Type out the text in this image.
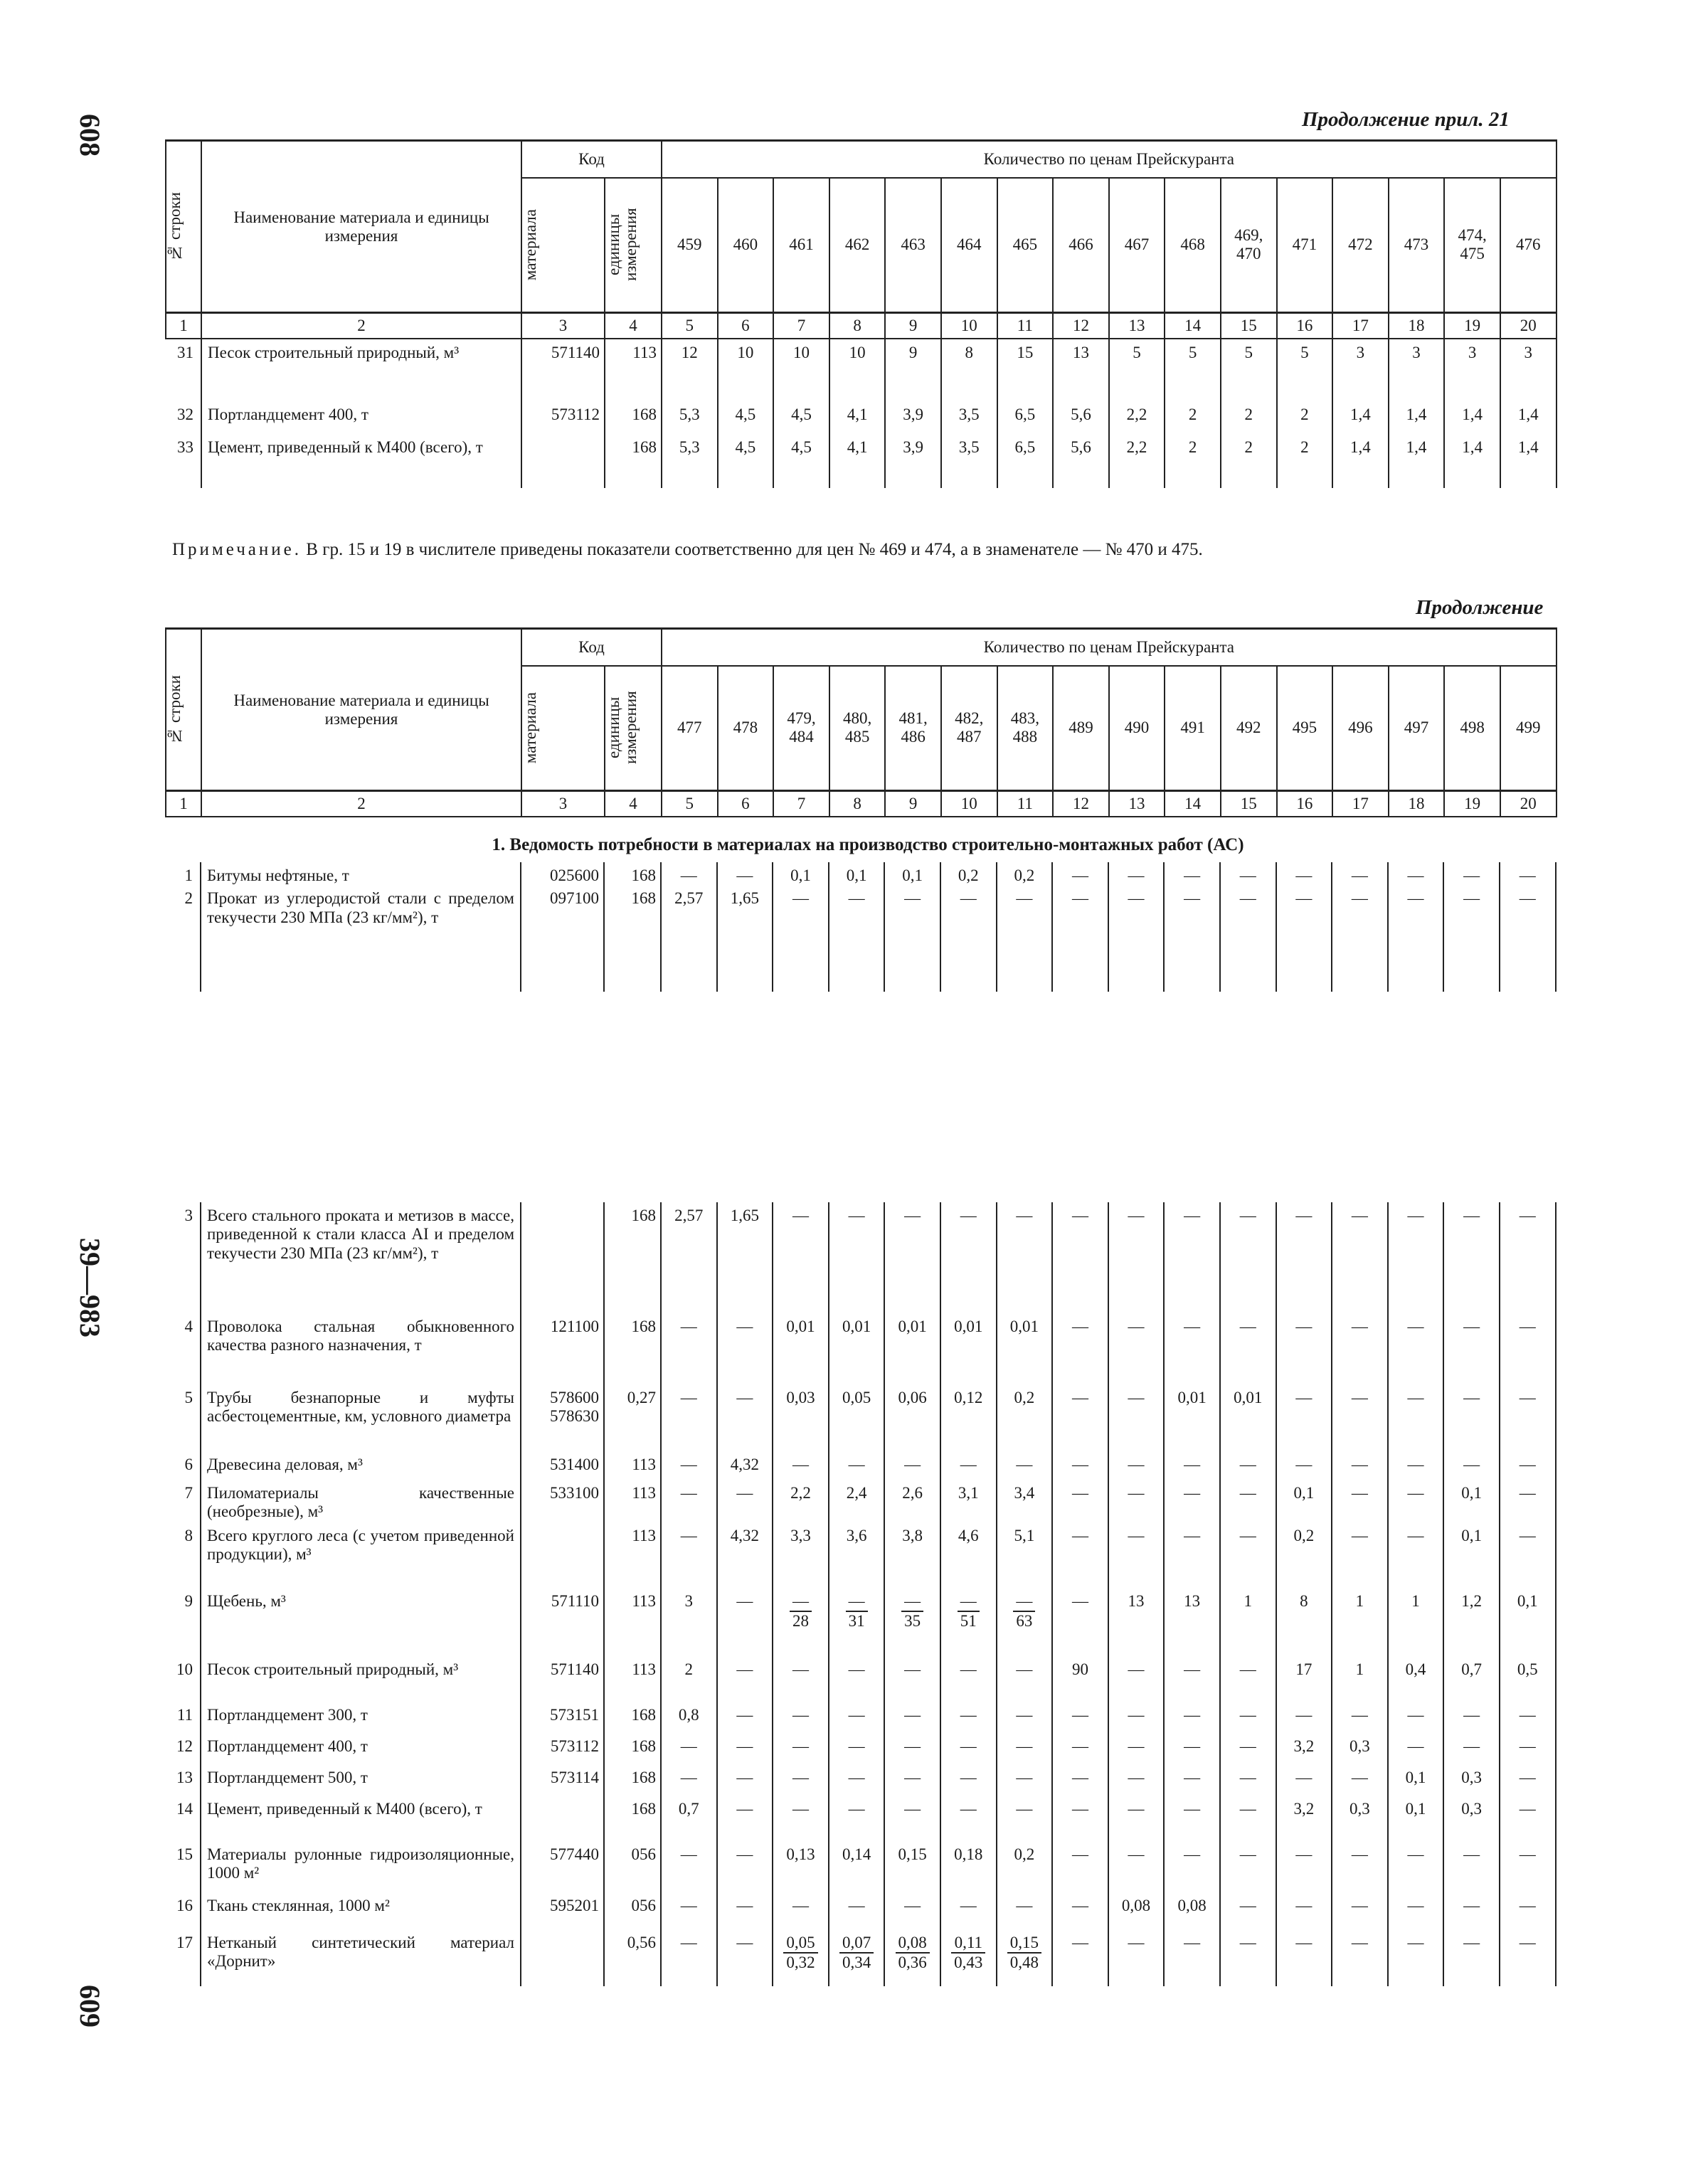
608
39—983
609
Продолжение прил. 21
Продолжение
№ строки	Наименование материала и единицы измерения	Код		Количество по ценам Прейскуранта															

		материала	единицы измерения	459	460	461	462	463	464	465	466	467	468	469, 470	471	472	473	474, 475	476
1	2	3	4	5	6	7	8	9	10	11	12	13	14	15	16	17	18	19	20
31	Песок строительный природный, м³	571140	113	12	10	10	10	9	8	15	13	5	5	5	5	3	3	3	3
32	Портландцемент 400, т	573112	168	5,3	4,5	4,5	4,1	3,9	3,5	6,5	5,6	2,2	2	2	2	1,4	1,4	1,4	1,4
33	Цемент, приведенный к М400 (всего), т		168	5,3	4,5	4,5	4,1	3,9	3,5	6,5	5,6	2,2	2	2	2	1,4	1,4	1,4	1,4
Примечание. В гр. 15 и 19 в числителе приведены показатели соответственно для цен № 469 и 474, а в знаменателе — № 470 и 475.
№ строки	Наименование материала и единицы измерения	Код		Количество по ценам Прейскуранта															

		материала	единицы измерения	477	478	479, 484	480, 485	481, 486	482, 487	483, 488	489	490	491	492	495	496	497	498	499
1	2	3	4	5	6	7	8	9	10	11	12	13	14	15	16	17	18	19	20
1. Ведомость потребности в материалах на производство строительно-монтажных работ (АС)
1	Битумы нефтяные, т	025600	168	—	—	0,1	0,1	0,1	0,2	0,2	—	—	—	—	—	—	—	—	—
2	Прокат из углеродистой стали с пределом текучести 230 МПа (23 кг/мм²), т	097100	168	2,57	1,65	—	—	—	—	—	—	—	—	—	—	—	—	—	—
3	Всего стального проката и метизов в массе, приведенной к стали класса AI и пределом текучести 230 МПа (23 кг/мм²), т		168	2,57	1,65	—	—	—	—	—	—	—	—	—	—	—	—	—	—
4	Проволока стальная обыкновенного качества разного назначения, т	121100	168	—	—	0,01	0,01	0,01	0,01	0,01	—	—	—	—	—	—	—	—	—
5	Трубы безнапорные и муфты асбестоцементные, км, условного диаметра	578600 578630	0,27	—	—	0,03	0,05	0,06	0,12	0,2	—	—	0,01	0,01	—	—	—	—	—
6	Древесина деловая, м³	531400	113	—	4,32	—	—	—	—	—	—	—	—	—	—	—	—	—	—
7	Пиломатериалы качественные (необрезные), м³	533100	113	—	—	2,2	2,4	2,6	3,1	3,4	—	—	—	—	0,1	—	—	0,1	—
8	Всего круглого леса (с учетом приведенной продукции), м³		113	—	4,32	3,3	3,6	3,8	4,6	5,1	—	—	—	—	0,2	—	—	0,1	—
9	Щебень, м³	571110	113	3	—	$\frac{—}{28}$	$\frac{—}{31}$	$\frac{—}{35}$	$\frac{—}{51}$	$\frac{—}{63}$	—	13	13	1	8	1	1	1,2	0,1
10	Песок строительный природный, м³	571140	113	2	—	—	—	—	—	—	90	—	—	—	17	1	0,4	0,7	0,5
11	Портландцемент 300, т	573151	168	0,8	—	—	—	—	—	—	—	—	—	—	—	—	—	—	—
12	Портландцемент 400, т	573112	168	—	—	—	—	—	—	—	—	—	—	—	3,2	0,3	—	—	—
13	Портландцемент 500, т	573114	168	—	—	—	—	—	—	—	—	—	—	—	—	—	0,1	0,3	—
14	Цемент, приведенный к М400 (всего), т		168	0,7	—	—	—	—	—	—	—	—	—	—	3,2	0,3	0,1	0,3	—
15	Материалы рулонные гидроизоляционные, 1000 м²	577440	056	—	—	0,13	0,14	0,15	0,18	0,2	—	—	—	—	—	—	—	—	—
16	Ткань стеклянная, 1000 м²	595201	056	—	—	—	—	—	—	—	—	0,08	0,08	—	—	—	—	—	—
17	Нетканый синтетический материал «Дорнит»		0,56	—	—	$\frac{0,05}{0,32}$	$\frac{0,07}{0,34}$	$\frac{0,08}{0,36}$	$\frac{0,11}{0,43}$	$\frac{0,15}{0,48}$	—	—	—	—	—	—	—	—	—
